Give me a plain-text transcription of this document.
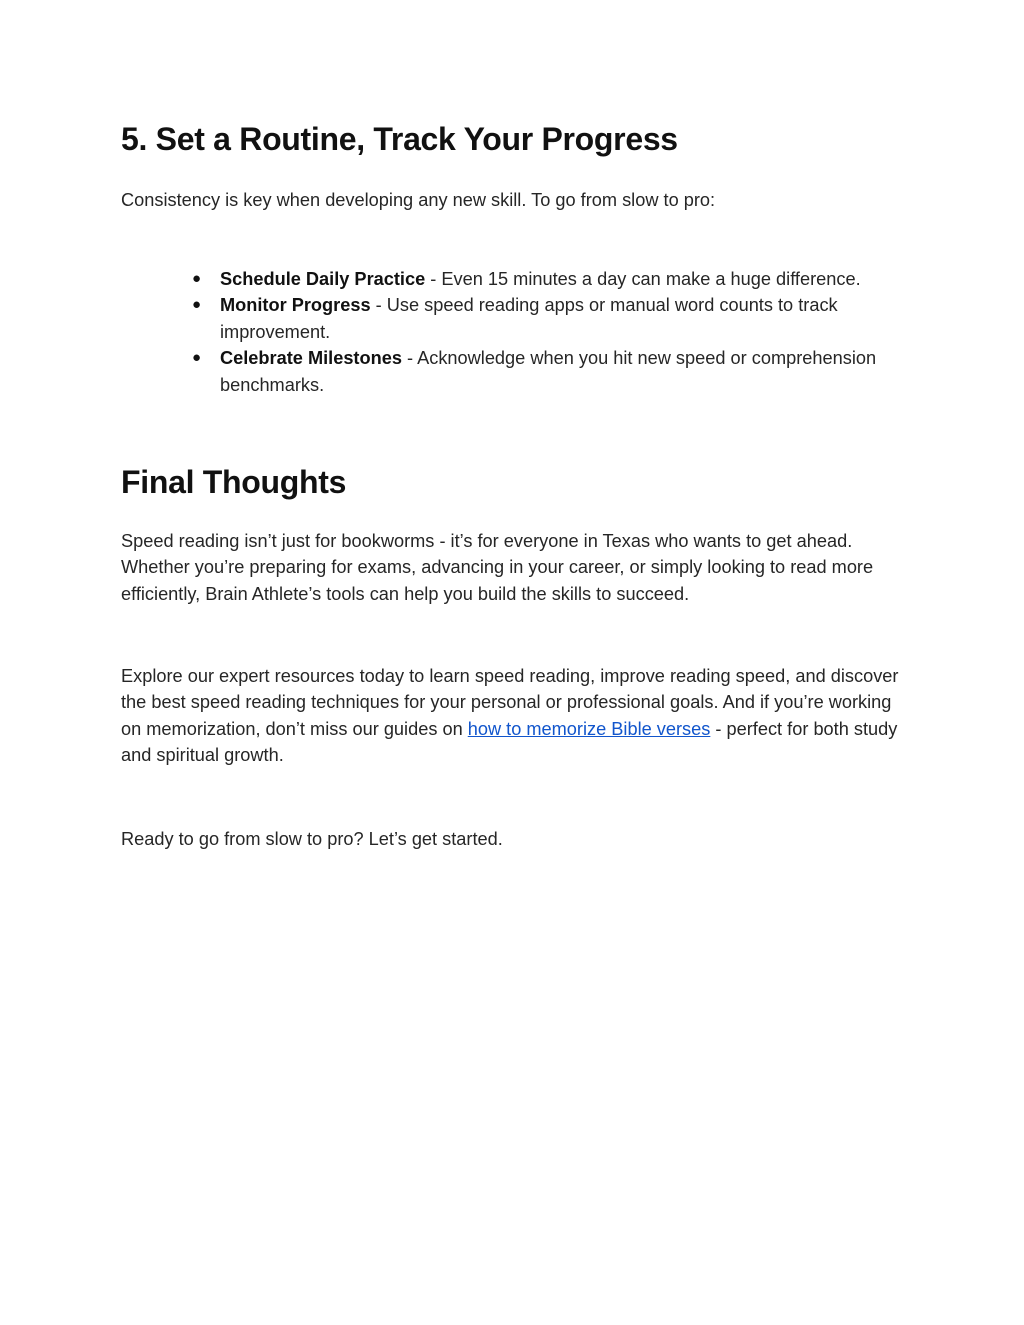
5. Set a Routine, Track Your Progress

Consistency is key when developing any new skill. To go from slow to pro:

● Schedule Daily Practice - Even 15 minutes a day can make a huge difference.
● Monitor Progress - Use speed reading apps or manual word counts to track improvement.
● Celebrate Milestones - Acknowledge when you hit new speed or comprehension benchmarks.
Final Thoughts

Speed reading isn’t just for bookworms - it’s for everyone in Texas who wants to get ahead. Whether you’re preparing for exams, advancing in your career, or simply looking to read more efficiently, Brain Athlete’s tools can help you build the skills to succeed.

Explore our expert resources today to learn speed reading, improve reading speed, and discover the best speed reading techniques for your personal or professional goals. And if you’re working on memorization, don’t miss our guides on how to memorize Bible verses - perfect for both study and spiritual growth.

Ready to go from slow to pro? Let’s get started.
